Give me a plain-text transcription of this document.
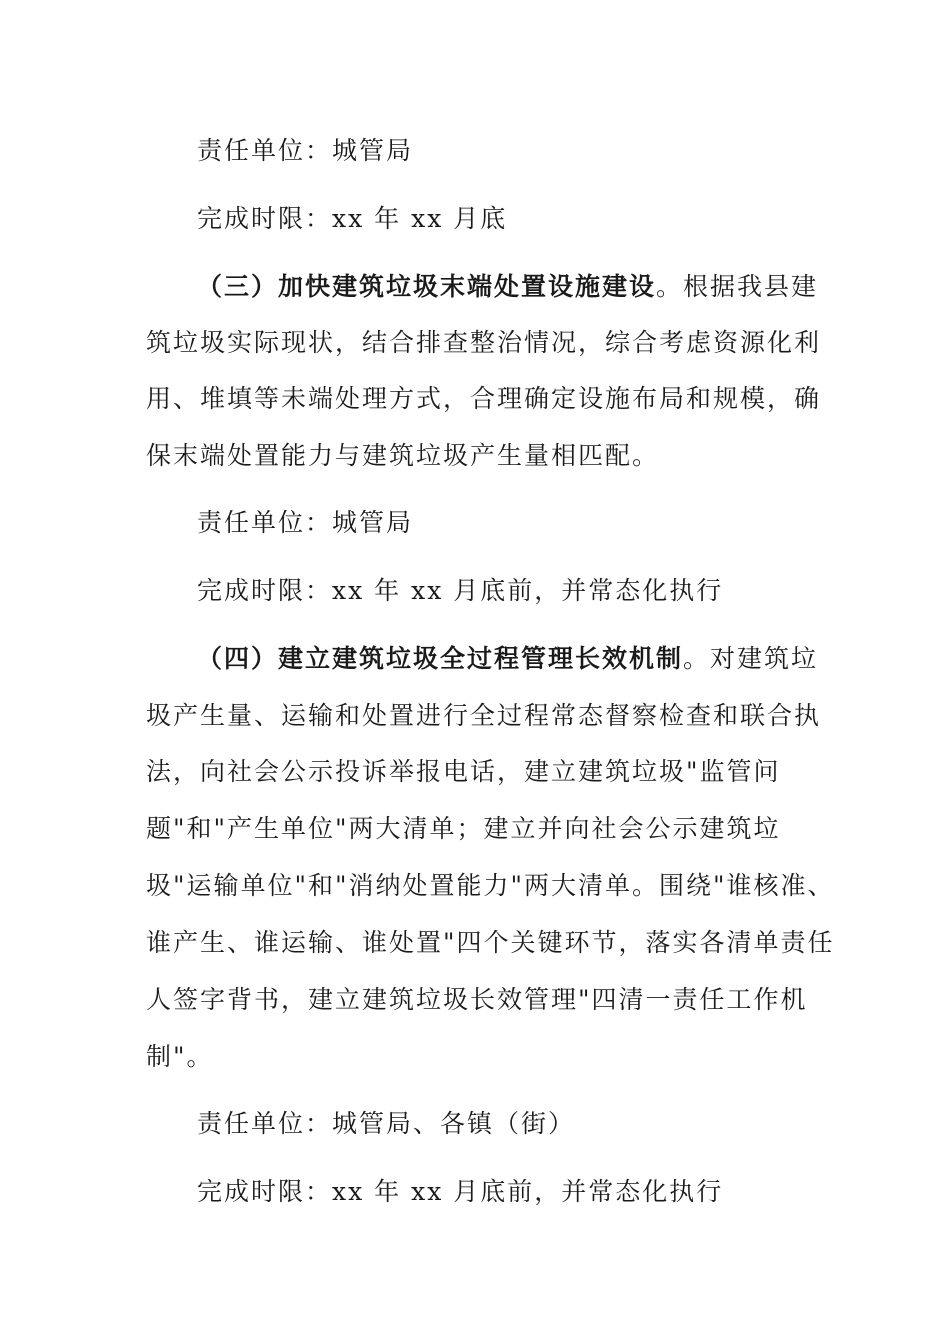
责任单位：城管局
完成时限：xx 年 xx 月底
（三）加快建筑垃圾末端处置设施建设。根据我县建
筑垃圾实际现状，结合排查整治情况，综合考虑资源化利
用、堆填等未端处理方式，合理确定设施布局和规模，确
保末端处置能力与建筑垃圾产生量相匹配。
责任单位：城管局
完成时限：xx 年 xx 月底前，并常态化执行
（四）建立建筑垃圾全过程管理长效机制。对建筑垃
圾产生量、运输和处置进行全过程常态督察检查和联合执
法，向社会公示投诉举报电话，建立建筑垃圾"监管问
题"和"产生单位"两大清单；建立并向社会公示建筑垃
圾"运输单位"和"消纳处置能力"两大清单。围绕"谁核准、
谁产生、谁运输、谁处置"四个关键环节，落实各清单责任
人签字背书，建立建筑垃圾长效管理"四清一责任工作机
制"。
责任单位：城管局、各镇（街）
完成时限：xx 年 xx 月底前，并常态化执行
